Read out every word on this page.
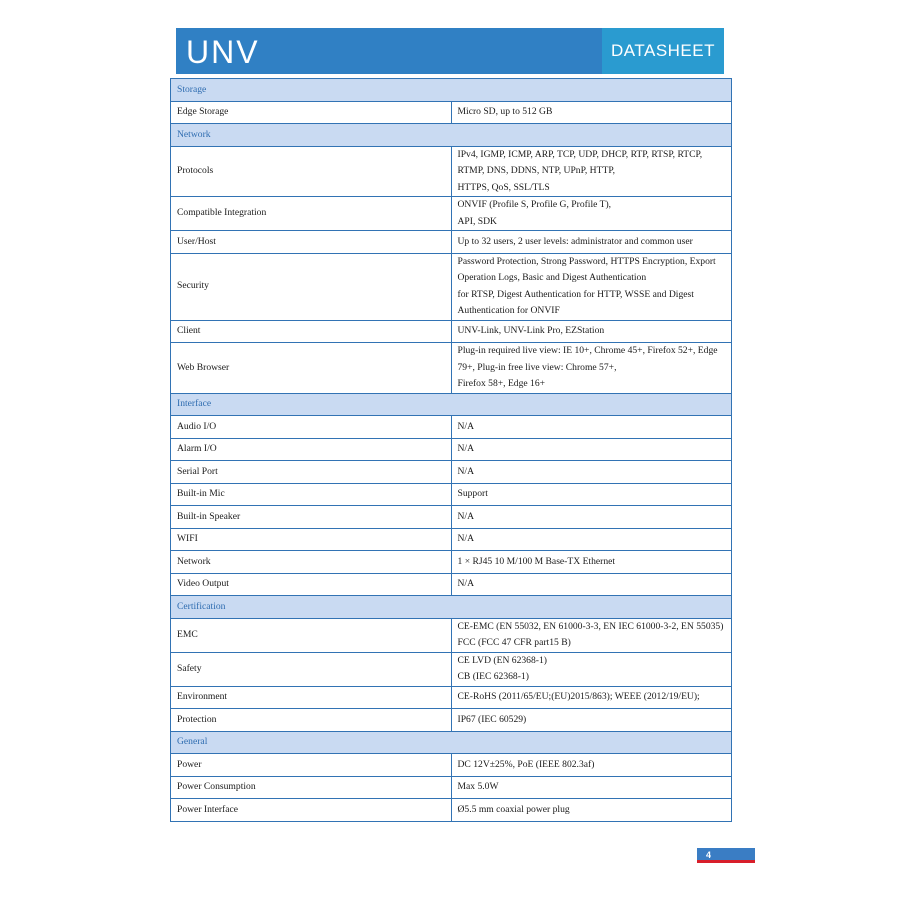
UNV	DATASHEET
Storage	
Edge Storage	Micro SD, up to 512 GB

Network	
Protocols	IPv4, IGMP, ICMP, ARP, TCP, UDP, DHCP, RTP, RTSP, RTCP, RTMP, DNS, DDNS, NTP, UPnP, HTTP,
HTTPS, QoS, SSL/TLS

Compatible Integration	ONVIF (Profile S, Profile G, Profile T),
API, SDK

User/Host	Up to 32 users, 2 user levels: administrator and common user

Security	Password Protection, Strong Password, HTTPS Encryption, Export Operation Logs, Basic and Digest Authentication
for RTSP, Digest Authentication for HTTP, WSSE and Digest Authentication for ONVIF

Client	UNV-Link, UNV-Link Pro, EZStation

Web Browser	Plug-in required live view: IE 10+, Chrome 45+, Firefox 52+, Edge 79+, Plug-in free live view: Chrome 57+,
Firefox 58+, Edge 16+

Interface	
Audio I/O	N/A

Alarm I/O	N/A

Serial Port	N/A

Built-in Mic	Support

Built-in Speaker	N/A

WIFI	N/A

Network	1 × RJ45 10 M/100 M Base-TX Ethernet

Video Output	N/A

Certification	
EMC	CE-EMC (EN 55032, EN 61000-3-3, EN IEC 61000-3-2, EN 55035)
FCC (FCC 47 CFR part15 B)

Safety	CE LVD (EN 62368-1)
CB (IEC 62368-1)

Environment	CE-RoHS (2011/65/EU;(EU)2015/863); WEEE (2012/19/EU);

Protection	IP67 (IEC 60529)

General	
Power	DC 12V±25%, PoE (IEEE 802.3af)

Power Consumption	Max 5.0W

Power Interface	Ø5.5 mm coaxial power plug
4
